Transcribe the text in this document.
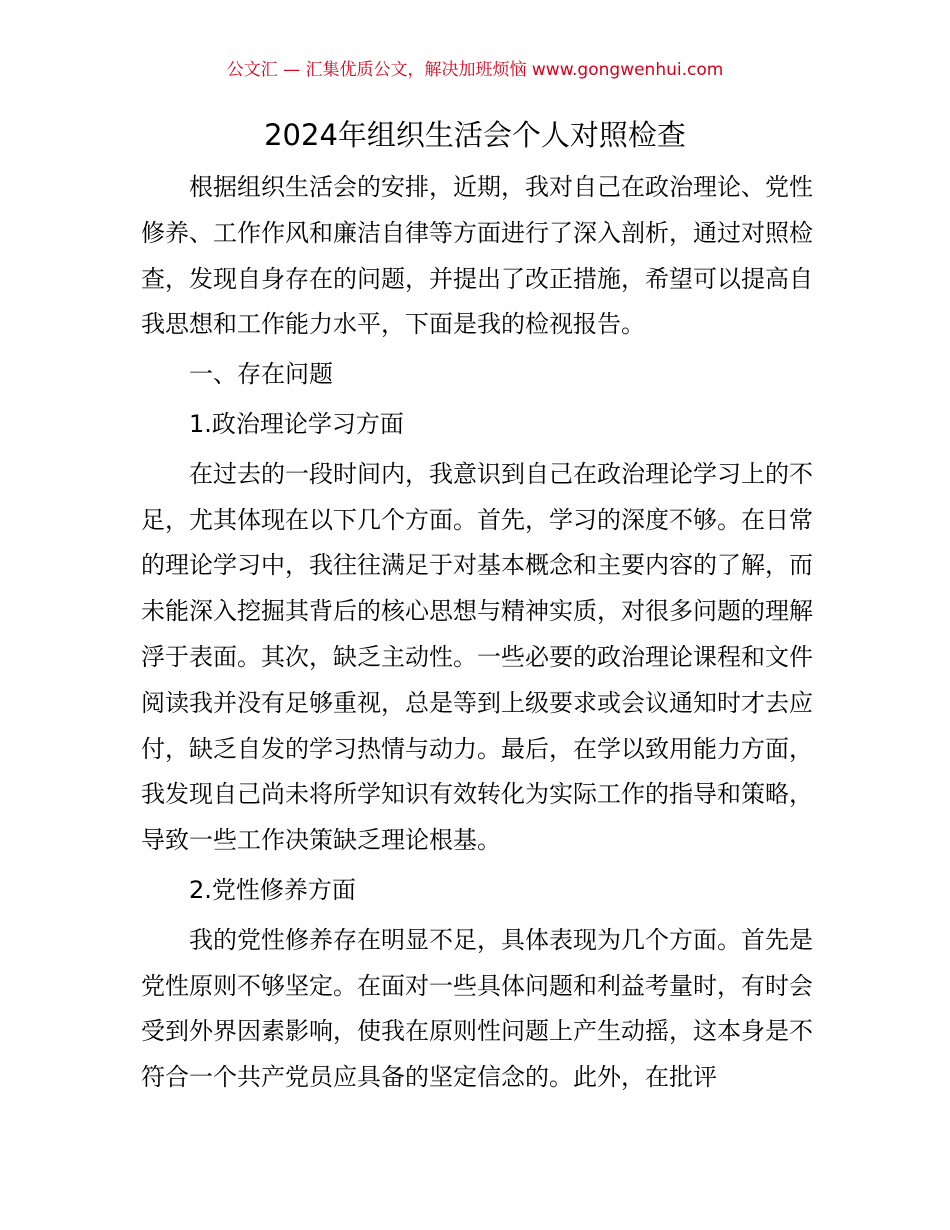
公文汇 — 汇集优质公文，解决加班烦恼 www.gongwenhui.com
2024年组织生活会个人对照检查

根据组织生活会的安排，近期，我对自己在政治理论、党性修养、工作作风和廉洁自律等方面进行了深入剖析，通过对照检查，发现自身存在的问题，并提出了改正措施，希望可以提高自我思想和工作能力水平，下面是我的检视报告。

一、存在问题

1.政治理论学习方面

在过去的一段时间内，我意识到自己在政治理论学习上的不足，尤其体现在以下几个方面。首先，学习的深度不够。在日常的理论学习中，我往往满足于对基本概念和主要内容的了解，而未能深入挖掘其背后的核心思想与精神实质，对很多问题的理解浮于表面。其次，缺乏主动性。一些必要的政治理论课程和文件阅读我并没有足够重视，总是等到上级要求或会议通知时才去应付，缺乏自发的学习热情与动力。最后，在学以致用能力方面，我发现自己尚未将所学知识有效转化为实际工作的指导和策略，导致一些工作决策缺乏理论根基。

2.党性修养方面

我的党性修养存在明显不足，具体表现为几个方面。首先是党性原则不够坚定。在面对一些具体问题和利益考量时，有时会受到外界因素影响，使我在原则性问题上产生动摇，这本身是不符合一个共产党员应具备的坚定信念的。此外，在批评
